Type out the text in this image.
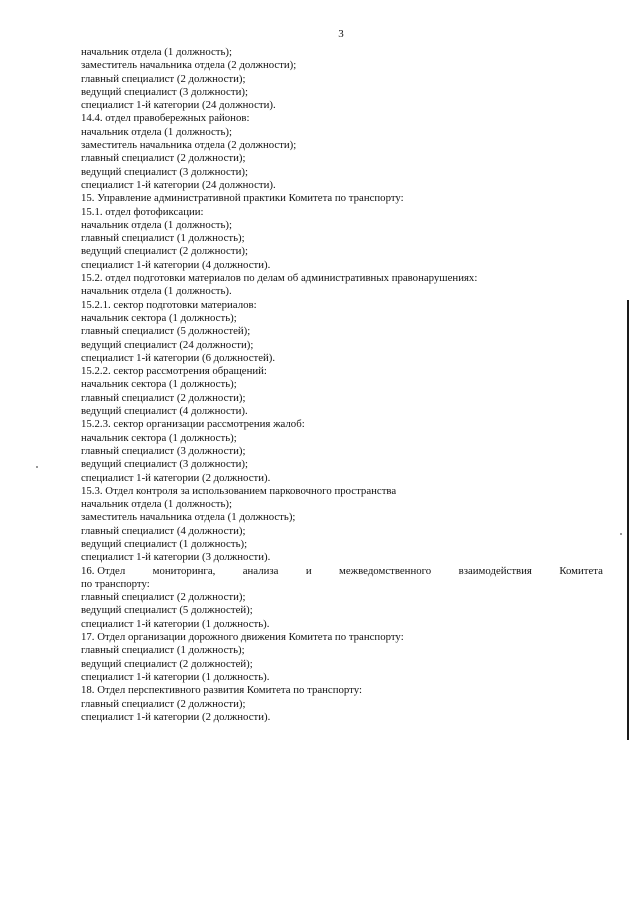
3
начальник отдела (1 должность);
заместитель начальника отдела (2 должности);
главный специалист (2 должности);
ведущий специалист (3 должности);
специалист 1-й категории (24 должности).
14.4. отдел правобережных районов:
начальник отдела (1 должность);
заместитель начальника отдела (2 должности);
главный специалист (2 должности);
ведущий специалист (3 должности);
специалист 1-й категории (24 должности).
15. Управление административной практики Комитета по транспорту:
15.1. отдел фотофиксации:
начальник отдела (1 должность);
главный специалист (1 должность);
ведущий специалист (2 должности);
специалист 1-й категории (4 должности).
15.2. отдел подготовки материалов по делам об административных правонарушениях:
начальник отдела (1 должность).
15.2.1. сектор подготовки материалов:
начальник сектора (1 должность);
главный специалист (5 должностей);
ведущий специалист (24 должности);
специалист 1-й категории (6 должностей).
15.2.2. сектор рассмотрения обращений:
начальник сектора (1 должность);
главный специалист (2 должности);
ведущий специалист (4 должности).
15.2.3. сектор организации рассмотрения жалоб:
начальник сектора (1 должность);
главный специалист (3 должности);
ведущий специалист (3 должности);
специалист 1-й категории (2 должности).
15.3. Отдел контроля за использованием парковочного пространства
начальник отдела (1 должность);
заместитель начальника отдела (1 должность);
главный специалист (4 должности);
ведущий специалист (1 должность);
специалист 1-й категории (3 должности).
16. Отдел	мониторинга,	анализа	и	межведомственного	взаимодействия	Комитета
по транспорту:
главный специалист (2 должности);
ведущий специалист (5 должностей);
специалист 1-й категории (1 должность).
17. Отдел организации дорожного движения Комитета по транспорту:
главный специалист (1 должность);
ведущий специалист (2 должностей);
специалист 1-й категории (1 должность).
18. Отдел перспективного развития Комитета по транспорту:
главный специалист (2 должности);
специалист 1-й категории (2 должности).
